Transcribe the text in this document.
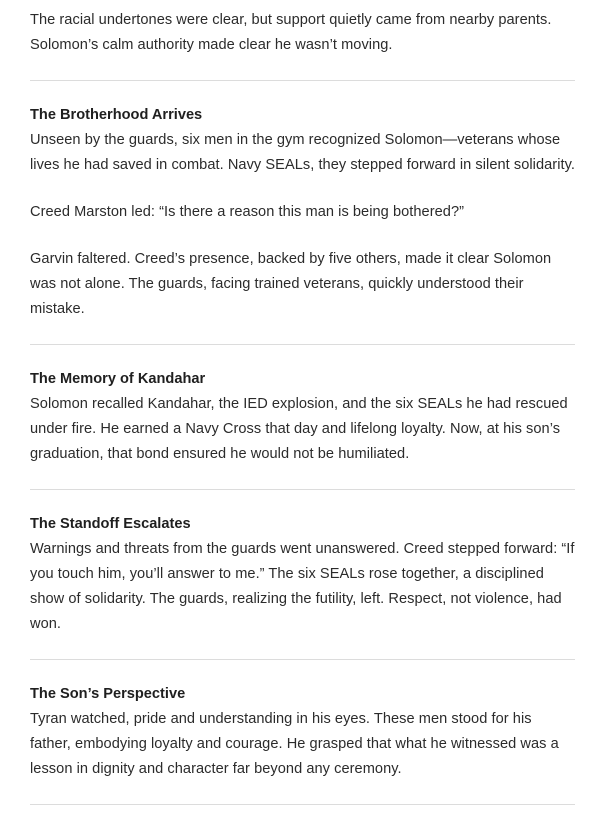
The racial undertones were clear, but support quietly came from nearby parents. Solomon’s calm authority made clear he wasn’t moving.

The Brotherhood Arrives

Unseen by the guards, six men in the gym recognized Solomon—veterans whose lives he had saved in combat. Navy SEALs, they stepped forward in silent solidarity.

Creed Marston led: “Is there a reason this man is being bothered?”

Garvin faltered. Creed’s presence, backed by five others, made it clear Solomon was not alone. The guards, facing trained veterans, quickly understood their mistake.

The Memory of Kandahar

Solomon recalled Kandahar, the IED explosion, and the six SEALs he had rescued under fire. He earned a Navy Cross that day and lifelong loyalty. Now, at his son’s graduation, that bond ensured he would not be humiliated.

The Standoff Escalates

Warnings and threats from the guards went unanswered. Creed stepped forward: “If you touch him, you’ll answer to me.” The six SEALs rose together, a disciplined show of solidarity. The guards, realizing the futility, left. Respect, not violence, had won.

The Son’s Perspective

Tyran watched, pride and understanding in his eyes. These men stood for his father, embodying loyalty and courage. He grasped that what he witnessed was a lesson in dignity and character far beyond any ceremony.
